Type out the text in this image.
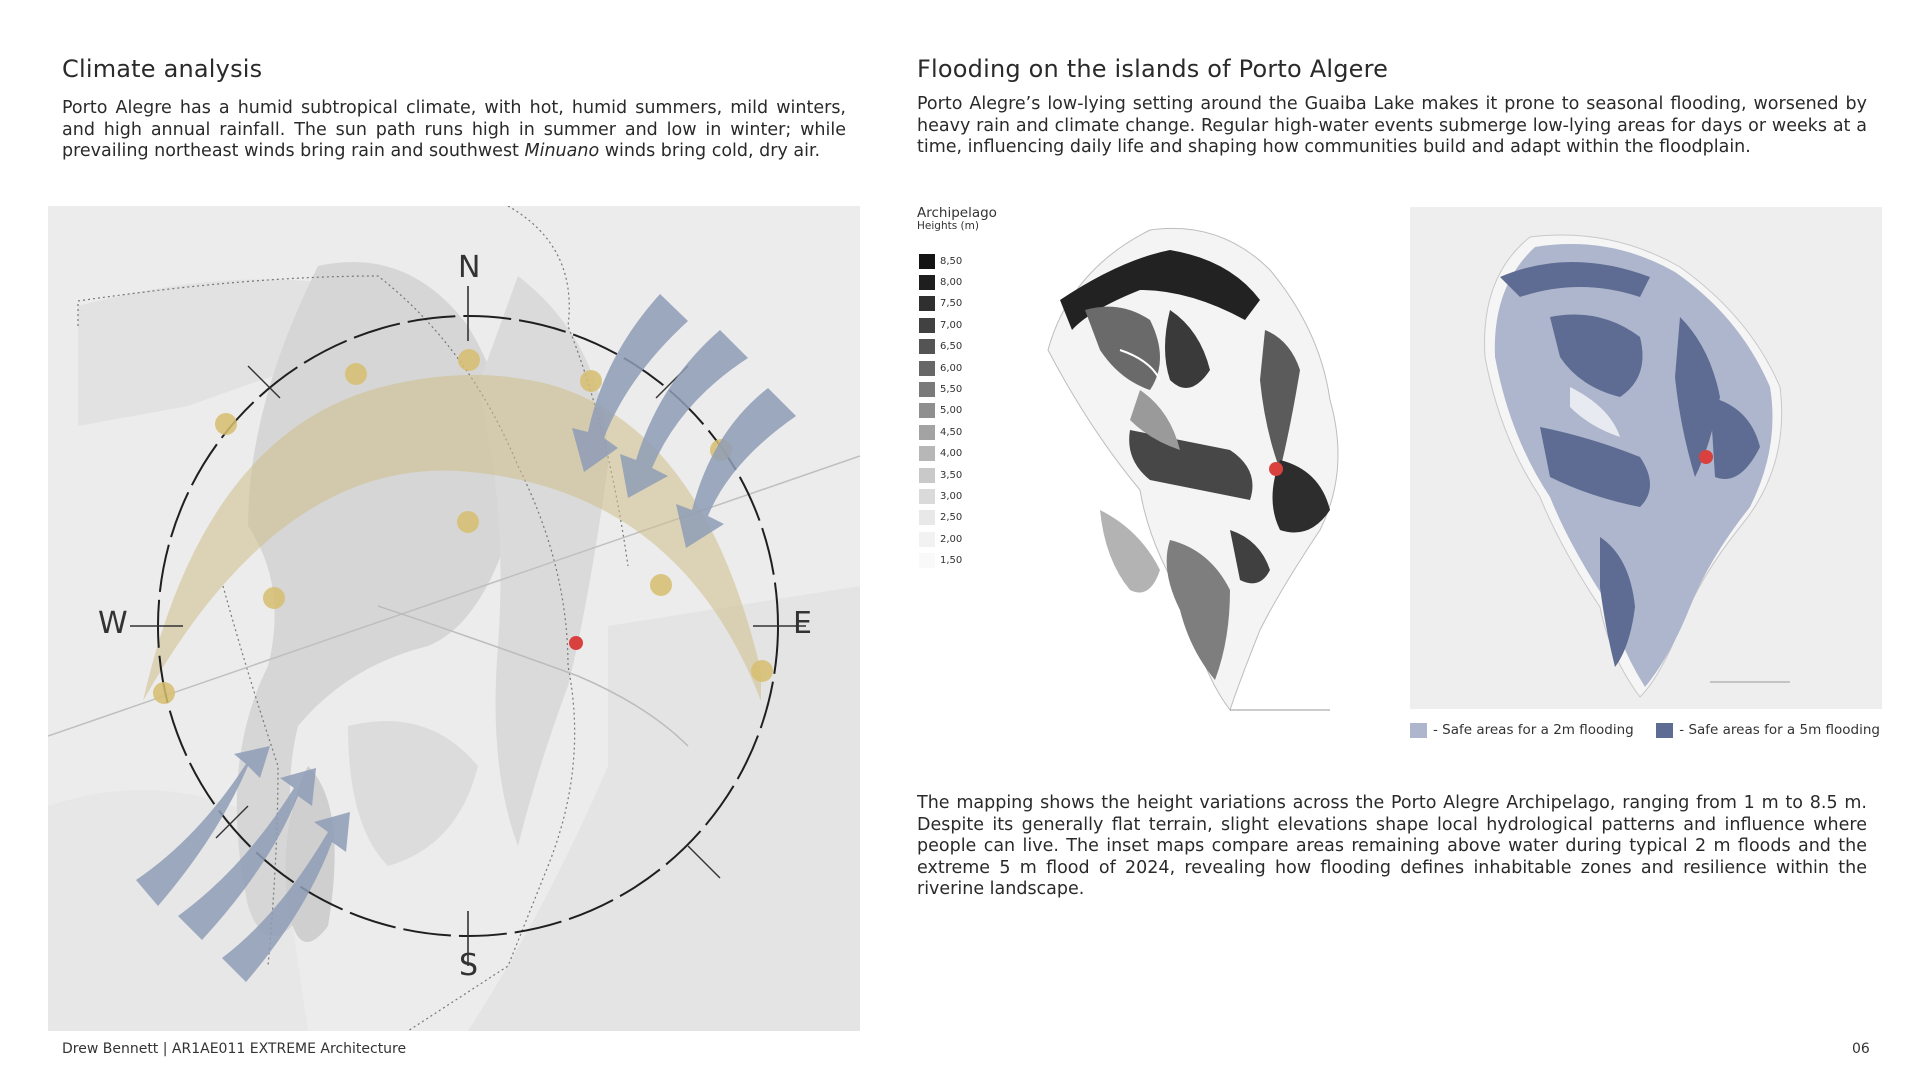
Climate analysis

Porto Alegre has a humid subtropical climate, with hot, humid summers, mild winters, and high annual rainfall. The sun path runs high in summer and low in winter; while prevailing northeast winds bring rain and southwest Minuano winds bring cold, dry air.

N
S
W	E
Flooding on the islands of Porto Algere

Porto Alegre’s low-lying setting around the Guaiba Lake makes it prone to seasonal flooding, worsened by heavy rain and climate change. Regular high-water events submerge low-lying areas for days or weeks at a time, influencing daily life and shaping how communities build and adapt within the floodplain.

Archipelago
Heights (m)
8,50
8,00
7,50
7,00
6,50
6,00
5,50
5,00
4,50
4,00
3,50
3,00
2,50
2,00
1,50
- Safe areas for a 2m flooding	- Safe areas for a 5m flooding

The mapping shows the height variations across the Porto Alegre Archipelago, ranging from 1 m to 8.5 m. Despite its generally flat terrain, slight elevations shape local hydrological patterns and influence where people can live. The inset maps compare areas remaining above water during typical 2 m floods and the extreme 5 m flood of 2024, revealing how flooding defines inhabitable zones and resilience within the riverine landscape.

Drew Bennett | AR1AE011 EXTREME Architecture	06
